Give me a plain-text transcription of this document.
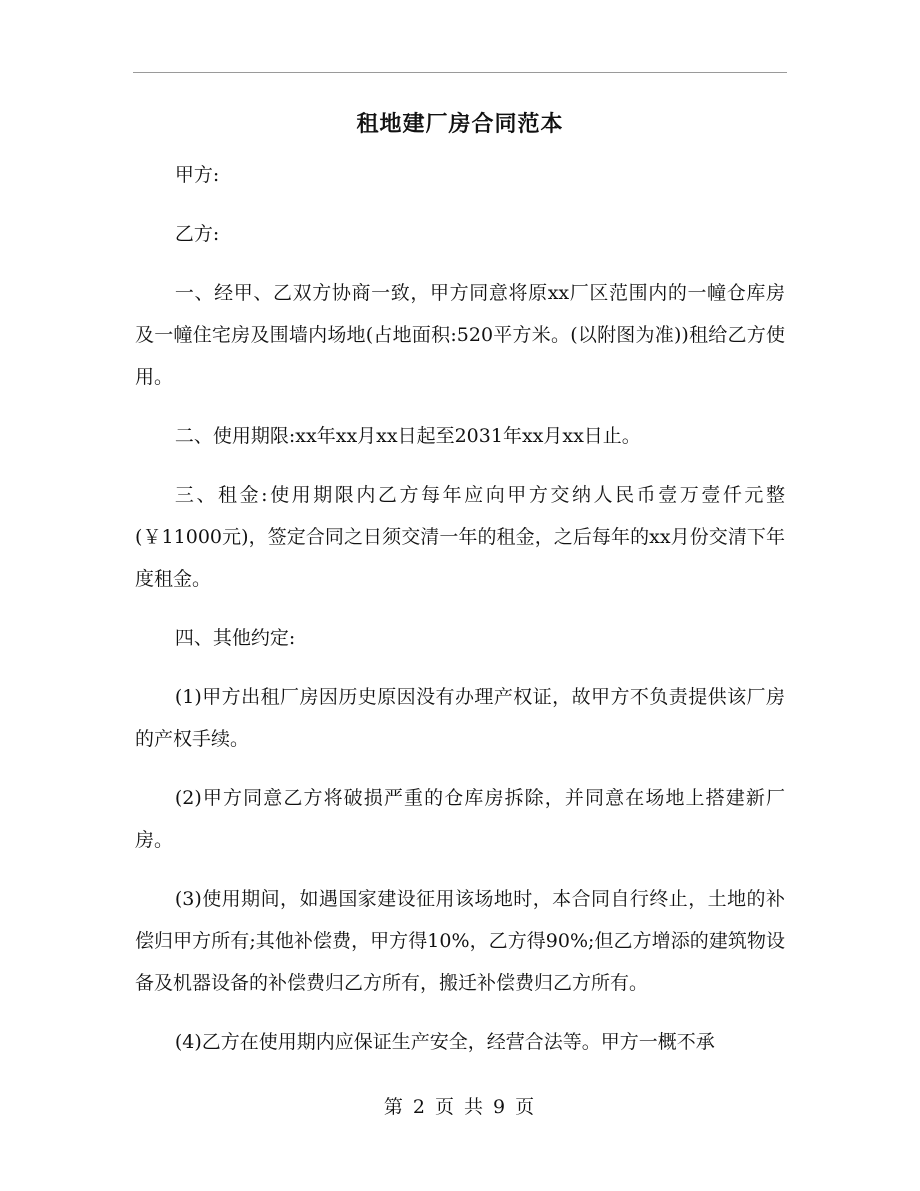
租地建厂房合同范本

甲方:

乙方:

一、经甲、乙双方协商一致，甲方同意将原xx厂区范围内的一幢仓库房及一幢住宅房及围墙内场地(占地面积:520平方米。(以附图为准))租给乙方使用。

二、使用期限:xx年xx月xx日起至2031年xx月xx日止。

三、租金:使用期限内乙方每年应向甲方交纳人民币壹万壹仟元整(￥11000元)，签定合同之日须交清一年的租金，之后每年的xx月份交清下年度租金。

四、其他约定:

(1)甲方出租厂房因历史原因没有办理产权证，故甲方不负责提供该厂房的产权手续。

(2)甲方同意乙方将破损严重的仓库房拆除，并同意在场地上搭建新厂房。

(3)使用期间，如遇国家建设征用该场地时，本合同自行终止，土地的补偿归甲方所有;其他补偿费，甲方得10%，乙方得90%;但乙方增添的建筑物设备及机器设备的补偿费归乙方所有，搬迁补偿费归乙方所有。

(4)乙方在使用期内应保证生产安全，经营合法等。甲方一概不承

第 2 页 共 9 页
